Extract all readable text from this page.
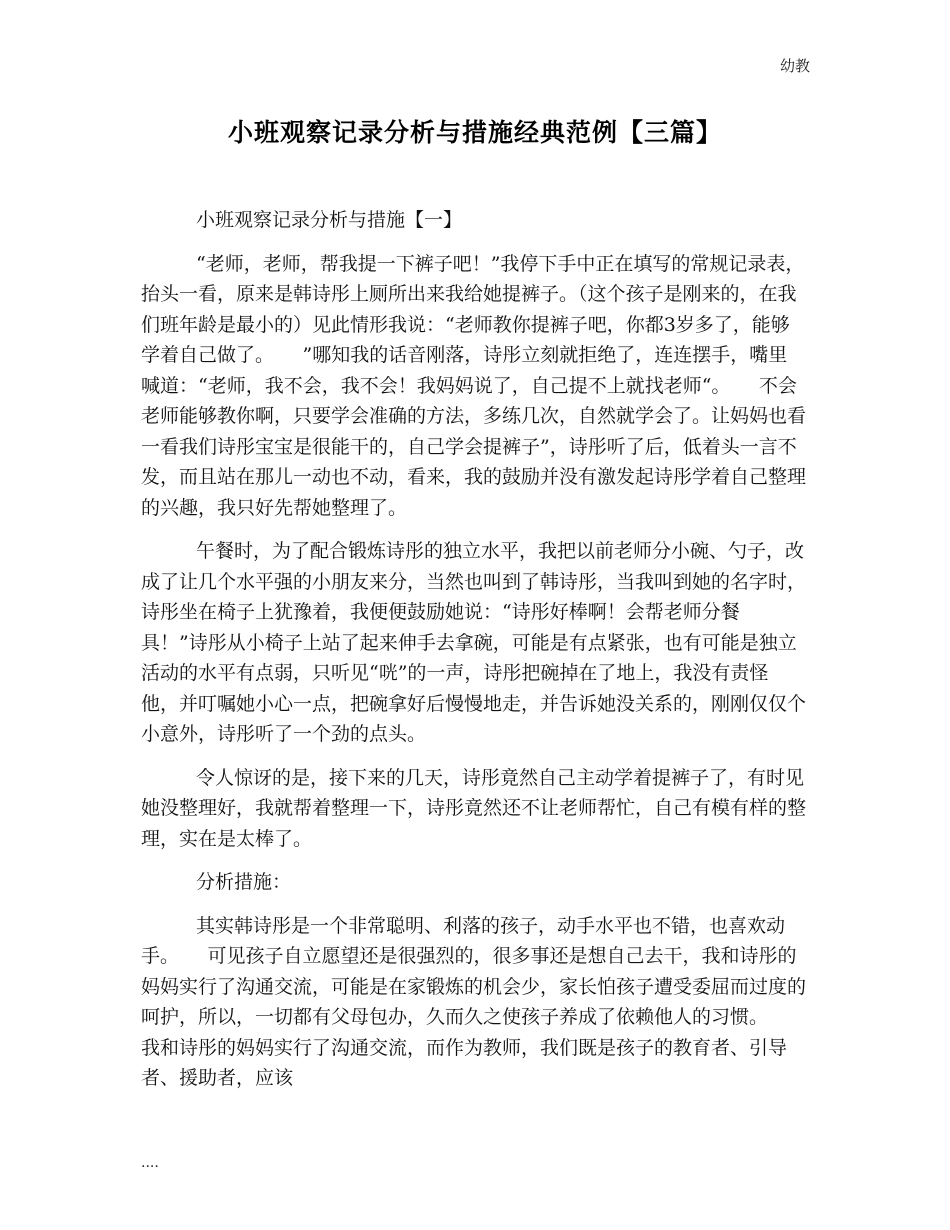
幼教
小班观察记录分析与措施经典范例【三篇】

小班观察记录分析与措施【一】

“老师，老师，帮我提一下裤子吧！”我停下手中正在填写的常规记录表，抬头一看，原来是韩诗彤上厕所出来我给她提裤子。（这个孩子是刚来的，在我们班年龄是最小的）见此情形我说：“老师教你提裤子吧，你都3岁多了，能够学着自己做了。　　”哪知我的话音刚落，诗彤立刻就拒绝了，连连摆手，嘴里喊道：“老师，我不会，我不会！我妈妈说了，自己提不上就找老师“。　　不会老师能够教你啊，只要学会准确的方法，多练几次，自然就学会了。让妈妈也看一看我们诗彤宝宝是很能干的，自己学会提裤子”，诗彤听了后，低着头一言不发，而且站在那儿一动也不动，看来，我的鼓励并没有激发起诗彤学着自己整理的兴趣，我只好先帮她整理了。

午餐时，为了配合锻炼诗彤的独立水平，我把以前老师分小碗、勺子，改成了让几个水平强的小朋友来分，当然也叫到了韩诗彤，当我叫到她的名字时，诗彤坐在椅子上犹豫着，我便便鼓励她说：“诗彤好棒啊！会帮老师分餐具！”诗彤从小椅子上站了起来伸手去拿碗，可能是有点紧张，也有可能是独立活动的水平有点弱，只听见“咣”的一声，诗彤把碗掉在了地上，我没有责怪他，并叮嘱她小心一点，把碗拿好后慢慢地走，并告诉她没关系的，刚刚仅仅个小意外，诗彤听了一个劲的点头。

令人惊讶的是，接下来的几天，诗彤竟然自己主动学着提裤子了，有时见她没整理好，我就帮着整理一下，诗彤竟然还不让老师帮忙，自己有模有样的整理，实在是太棒了。

分析措施：

其实韩诗彤是一个非常聪明、利落的孩子，动手水平也不错，也喜欢动手。　　可见孩子自立愿望还是很强烈的，很多事还是想自己去干，我和诗彤的妈妈实行了沟通交流，可能是在家锻炼的机会少，家长怕孩子遭受委屈而过度的呵护，所以，一切都有父母包办，久而久之使孩子养成了依赖他人的习惯。　　我和诗彤的妈妈实行了沟通交流，而作为教师，我们既是孩子的教育者、引导者、援助者，应该

....
